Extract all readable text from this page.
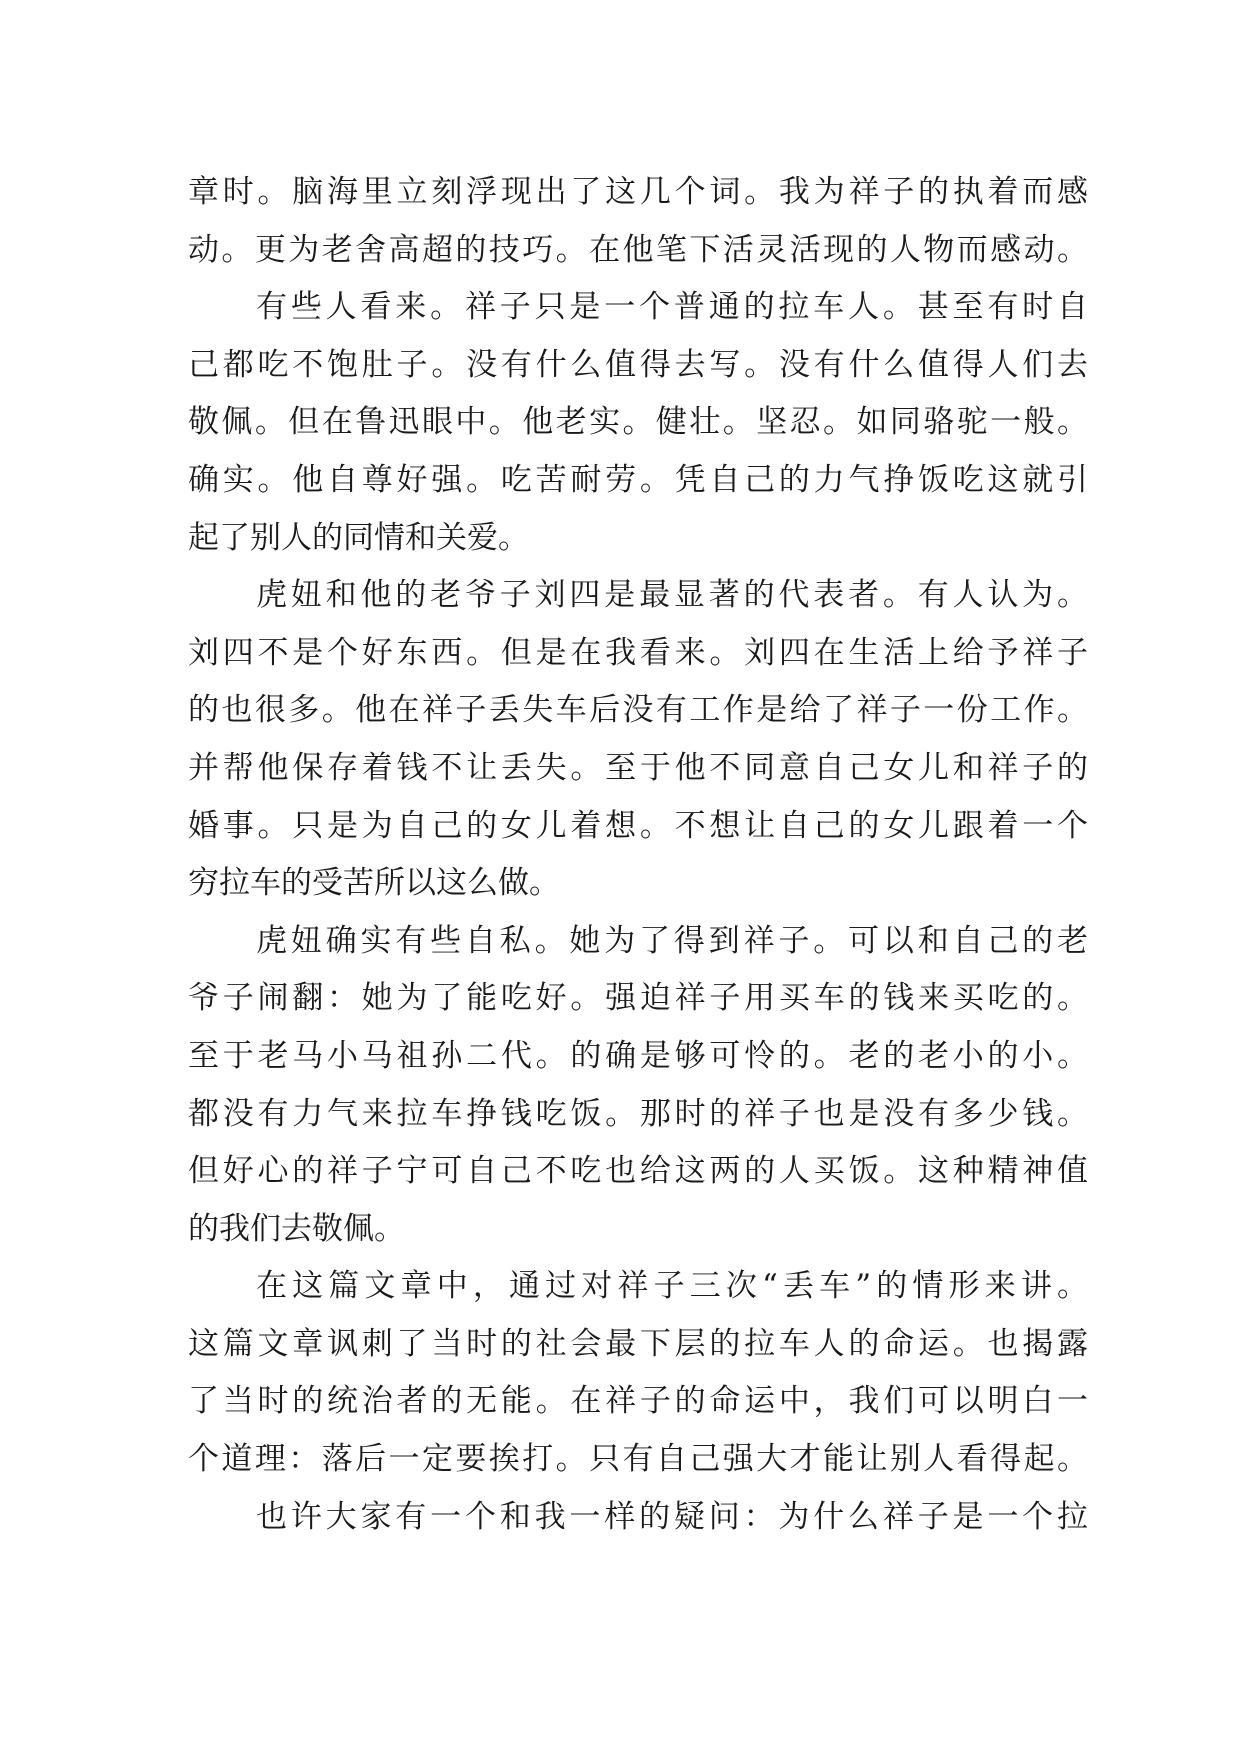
章时。脑海里立刻浮现出了这几个词。我为祥子的执着而感
动。更为老舍高超的技巧。在他笔下活灵活现的人物而感动。
有些人看来。祥子只是一个普通的拉车人。甚至有时自
己都吃不饱肚子。没有什么值得去写。没有什么值得人们去
敬佩。但在鲁迅眼中。他老实。健壮。坚忍。如同骆驼一般。
确实。他自尊好强。吃苦耐劳。凭自己的力气挣饭吃这就引
起了别人的同情和关爱。
虎妞和他的老爷子刘四是最显著的代表者。有人认为。
刘四不是个好东西。但是在我看来。刘四在生活上给予祥子
的也很多。他在祥子丢失车后没有工作是给了祥子一份工作。
并帮他保存着钱不让丢失。至于他不同意自己女儿和祥子的
婚事。只是为自己的女儿着想。不想让自己的女儿跟着一个
穷拉车的受苦所以这么做。
虎妞确实有些自私。她为了得到祥子。可以和自己的老
爷子闹翻：她为了能吃好。强迫祥子用买车的钱来买吃的。
至于老马小马祖孙二代。的确是够可怜的。老的老小的小。
都没有力气来拉车挣钱吃饭。那时的祥子也是没有多少钱。
但好心的祥子宁可自己不吃也给这两的人买饭。这种精神值
的我们去敬佩。
在这篇文章中，通过对祥子三次“丢车”的情形来讲。
这篇文章讽刺了当时的社会最下层的拉车人的命运。也揭露
了当时的统治者的无能。在祥子的命运中，我们可以明白一
个道理：落后一定要挨打。只有自己强大才能让别人看得起。
也许大家有一个和我一样的疑问：为什么祥子是一个拉
